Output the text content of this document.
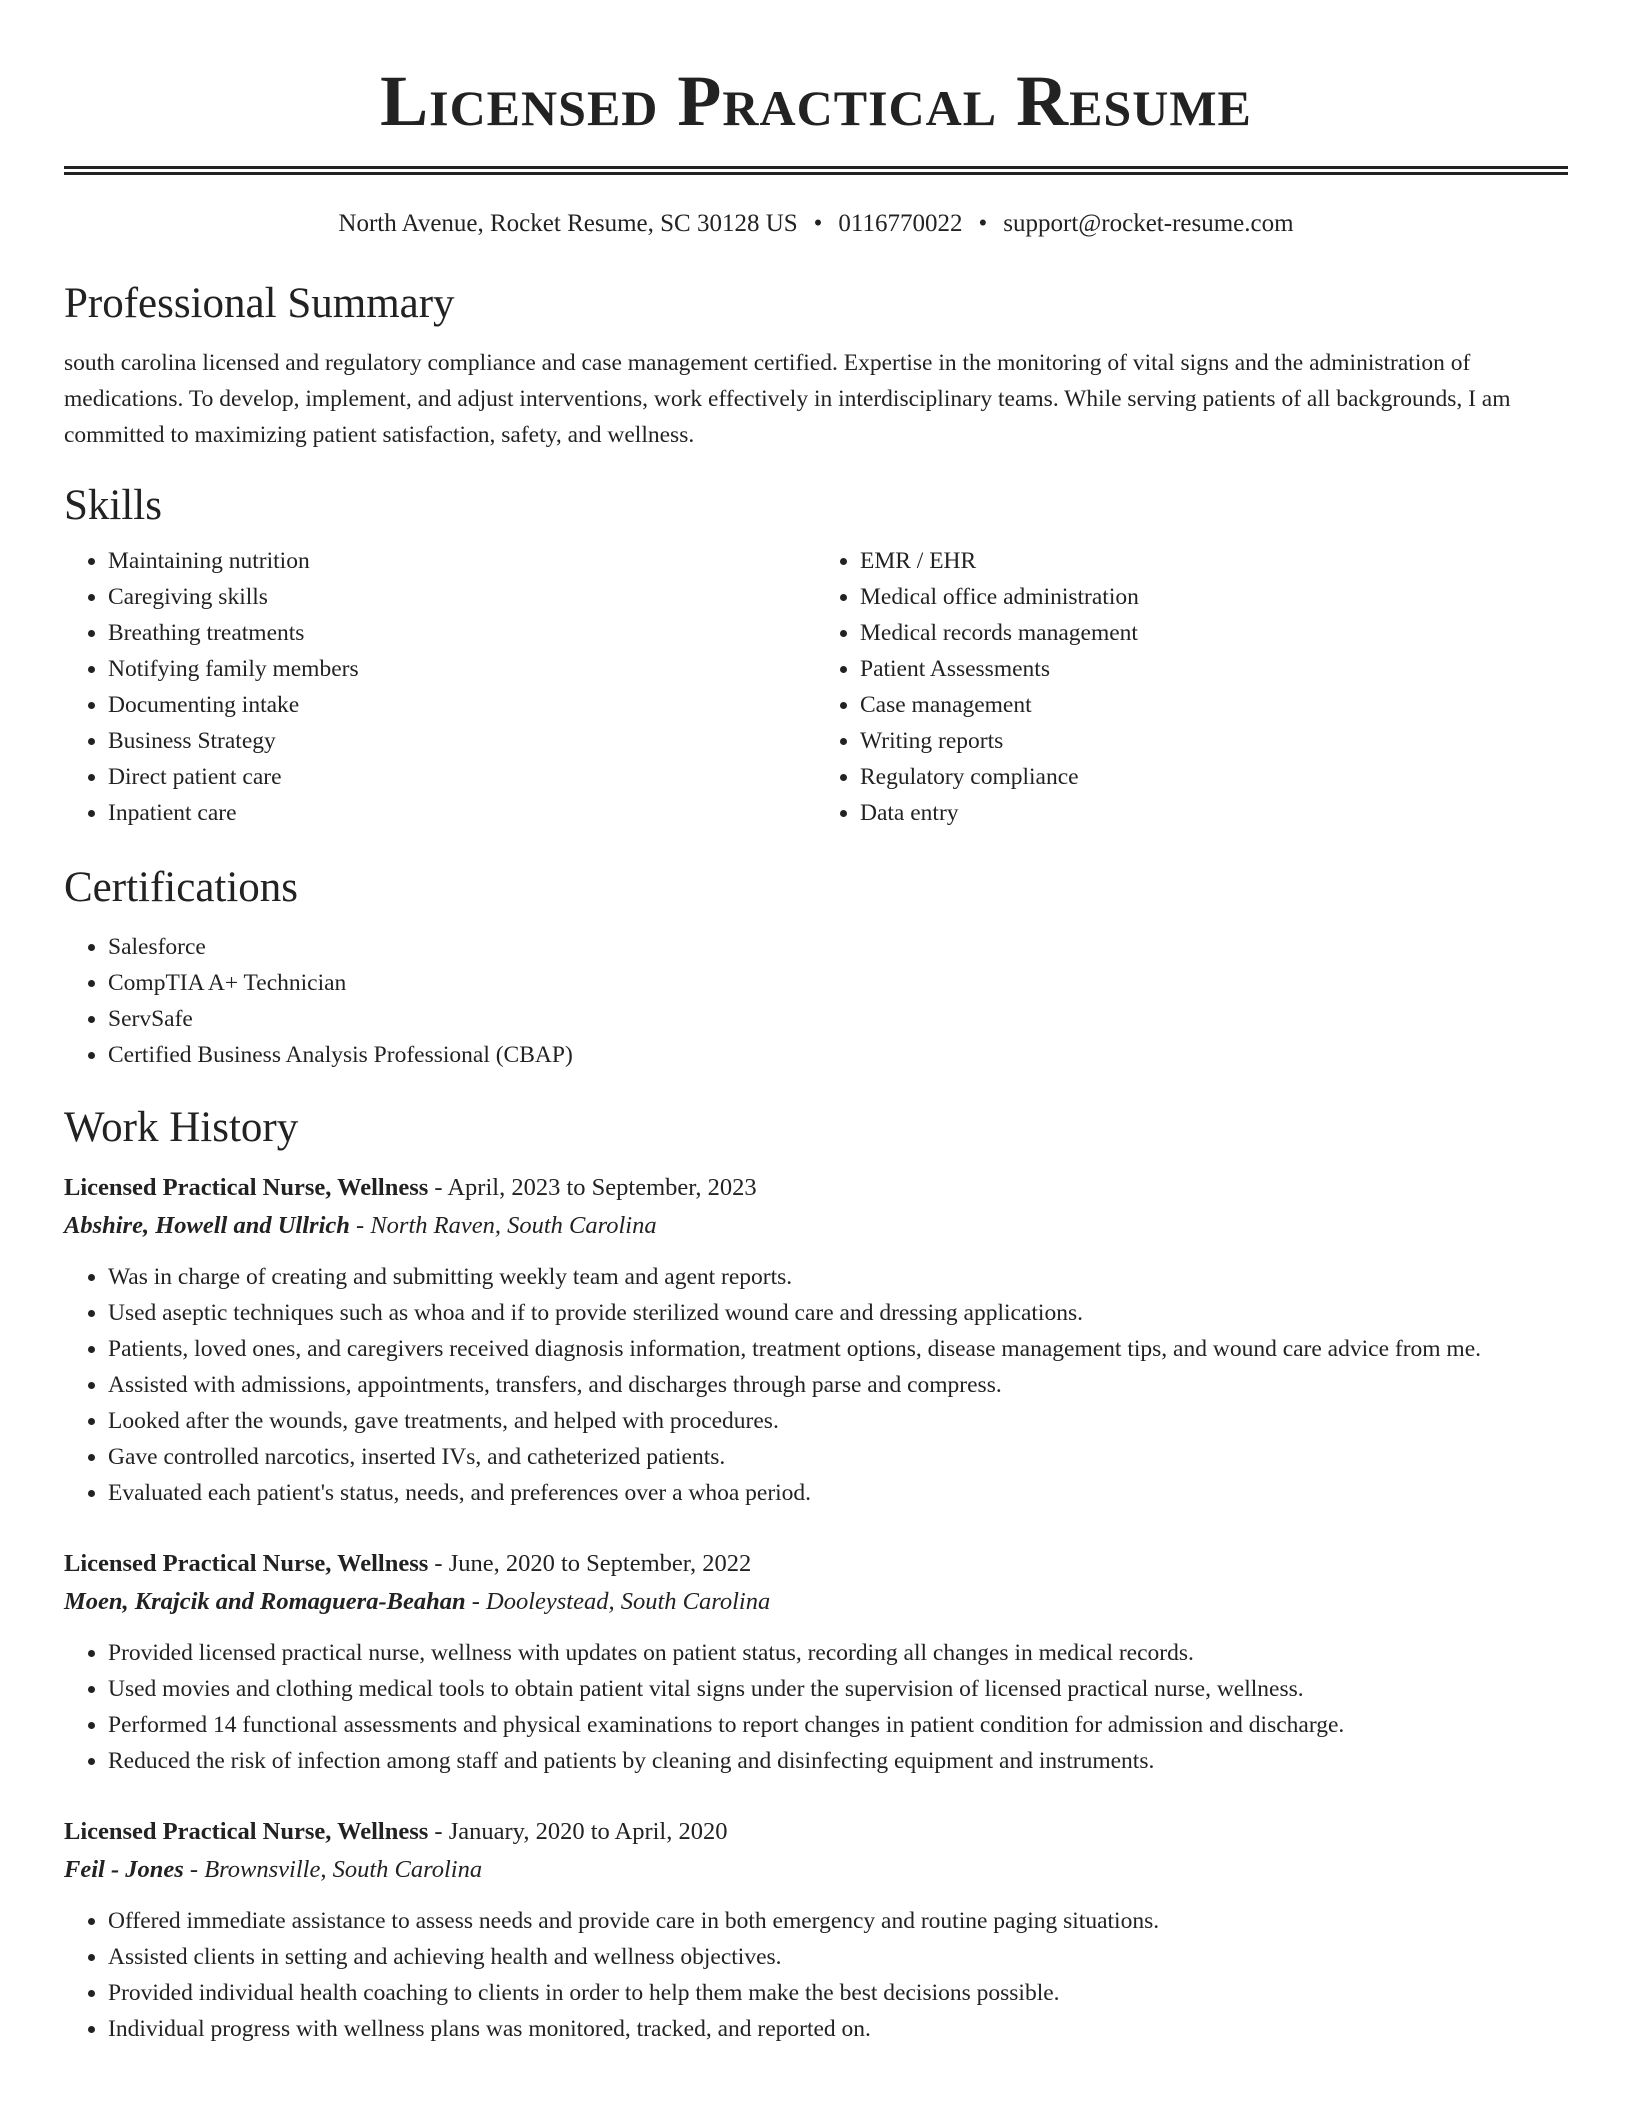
Licensed Practical Resume
North Avenue, Rocket Resume, SC 30128 US • 0116770022 • support@rocket-resume.com
Professional Summary

south carolina licensed and regulatory compliance and case management certified. Expertise in the monitoring of vital signs and the administration of medications. To develop, implement, and adjust interventions, work effectively in interdisciplinary teams. While serving patients of all backgrounds, I am committed to maximizing patient satisfaction, safety, and wellness.

Skills
• Maintaining nutrition
• Caregiving skills
• Breathing treatments
• Notifying family members
• Documenting intake
• Business Strategy
• Direct patient care
• Inpatient care
• EMR / EHR
• Medical office administration
• Medical records management
• Patient Assessments
• Case management
• Writing reports
• Regulatory compliance
• Data entry
Certifications
• Salesforce
• CompTIA A+ Technician
• ServSafe
• Certified Business Analysis Professional (CBAP)
Work History
Licensed Practical Nurse, Wellness - April, 2023 to September, 2023
Abshire, Howell and Ullrich - North Raven, South Carolina
• Was in charge of creating and submitting weekly team and agent reports.
• Used aseptic techniques such as whoa and if to provide sterilized wound care and dressing applications.
• Patients, loved ones, and caregivers received diagnosis information, treatment options, disease management tips, and wound care advice from me.
• Assisted with admissions, appointments, transfers, and discharges through parse and compress.
• Looked after the wounds, gave treatments, and helped with procedures.
• Gave controlled narcotics, inserted IVs, and catheterized patients.
• Evaluated each patient's status, needs, and preferences over a whoa period.
Licensed Practical Nurse, Wellness - June, 2020 to September, 2022
Moen, Krajcik and Romaguera-Beahan - Dooleystead, South Carolina
• Provided licensed practical nurse, wellness with updates on patient status, recording all changes in medical records.
• Used movies and clothing medical tools to obtain patient vital signs under the supervision of licensed practical nurse, wellness.
• Performed 14 functional assessments and physical examinations to report changes in patient condition for admission and discharge.
• Reduced the risk of infection among staff and patients by cleaning and disinfecting equipment and instruments.
Licensed Practical Nurse, Wellness - January, 2020 to April, 2020
Feil - Jones - Brownsville, South Carolina
• Offered immediate assistance to assess needs and provide care in both emergency and routine paging situations.
• Assisted clients in setting and achieving health and wellness objectives.
• Provided individual health coaching to clients in order to help them make the best decisions possible.
• Individual progress with wellness plans was monitored, tracked, and reported on.
